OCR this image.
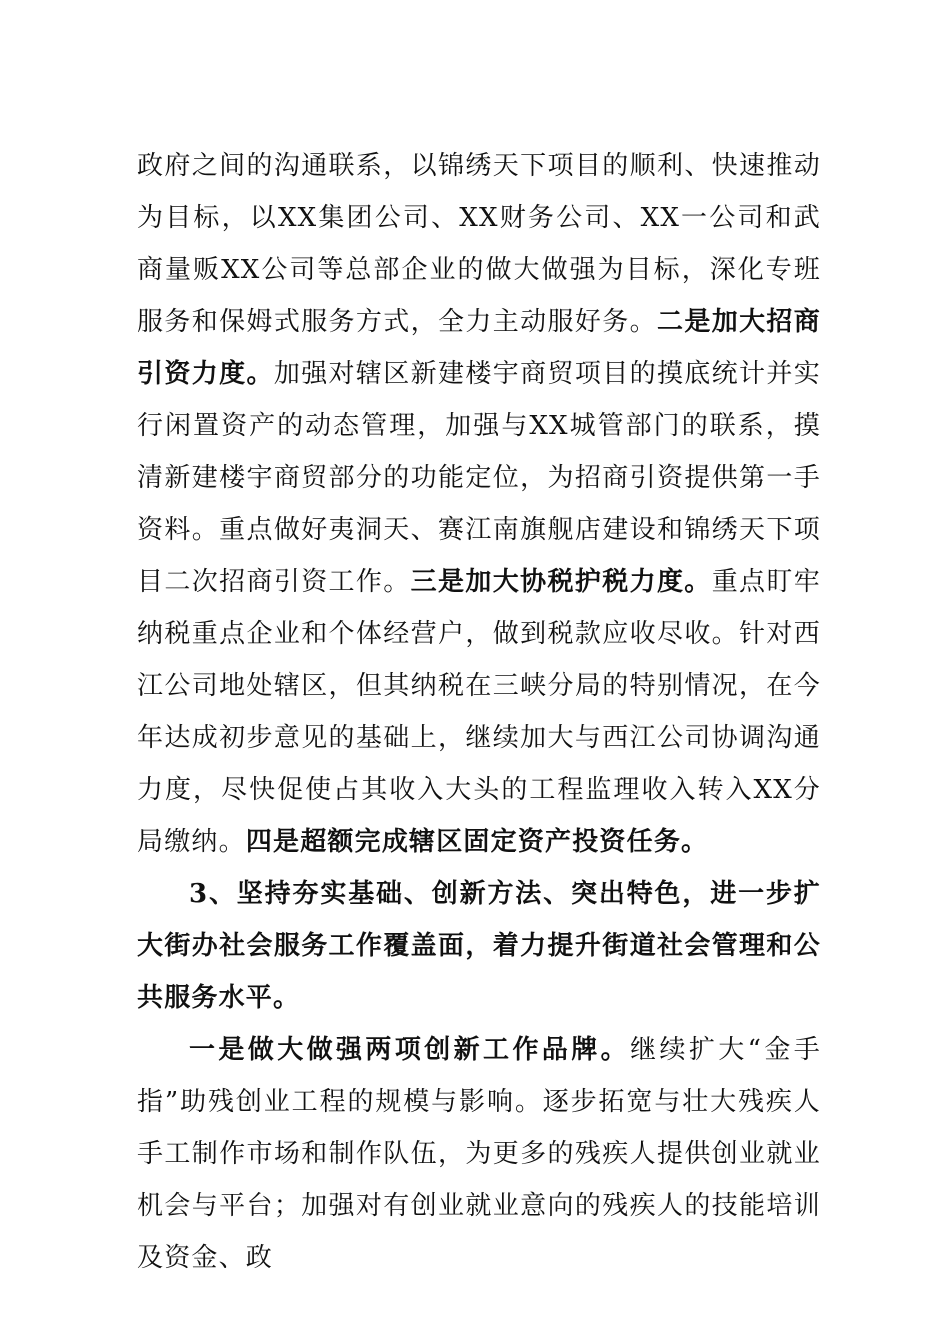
政府之间的沟通联系，以锦绣天下项目的顺利、快速推动为目标，以XX集团公司、XX财务公司、XX一公司和武商量贩XX公司等总部企业的做大做强为目标，深化专班服务和保姆式服务方式，全力主动服好务。二是加大招商引资力度。加强对辖区新建楼宇商贸项目的摸底统计并实行闲置资产的动态管理，加强与XX城管部门的联系，摸清新建楼宇商贸部分的功能定位，为招商引资提供第一手资料。重点做好夷洞天、赛江南旗舰店建设和锦绣天下项目二次招商引资工作。三是加大协税护税力度。重点盯牢纳税重点企业和个体经营户，做到税款应收尽收。针对西江公司地处辖区，但其纳税在三峡分局的特别情况，在今年达成初步意见的基础上，继续加大与西江公司协调沟通力度，尽快促使占其收入大头的工程监理收入转入XX分局缴纳。四是超额完成辖区固定资产投资任务。

3、坚持夯实基础、创新方法、突出特色，进一步扩大街办社会服务工作覆盖面，着力提升街道社会管理和公共服务水平。

一是做大做强两项创新工作品牌。继续扩大“金手指”助残创业工程的规模与影响。逐步拓宽与壮大残疾人手工制作市场和制作队伍，为更多的残疾人提供创业就业机会与平台；加强对有创业就业意向的残疾人的技能培训及资金、政
